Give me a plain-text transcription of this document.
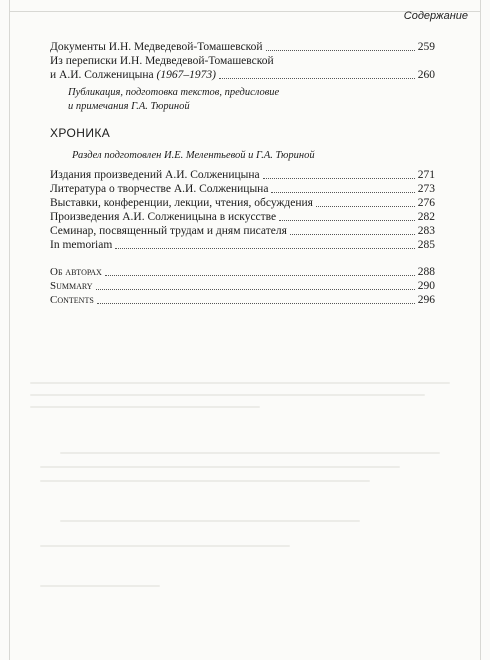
Содержание
Документы И.Н. Медведевой-Томашевской	259
Из переписки И.Н. Медведевой-Томашевской
и А.И. Солженицына (1967–1973)	260
Публикация, подготовка текстов, предисловие
и примечания Г.А. Тюриной
ХРОНИКА
Раздел подготовлен И.Е. Мелентьевой и Г.А. Тюриной
Издания произведений А.И. Солженицына	271
Литература о творчестве А.И. Солженицына	273
Выставки, конференции, лекции, чтения, обсуждения	276
Произведения А.И. Солженицына в искусстве	282
Семинар, посвященный трудам и дням писателя	283
In memoriam	285
Об авторах	288
Summary	290
Contents	296
